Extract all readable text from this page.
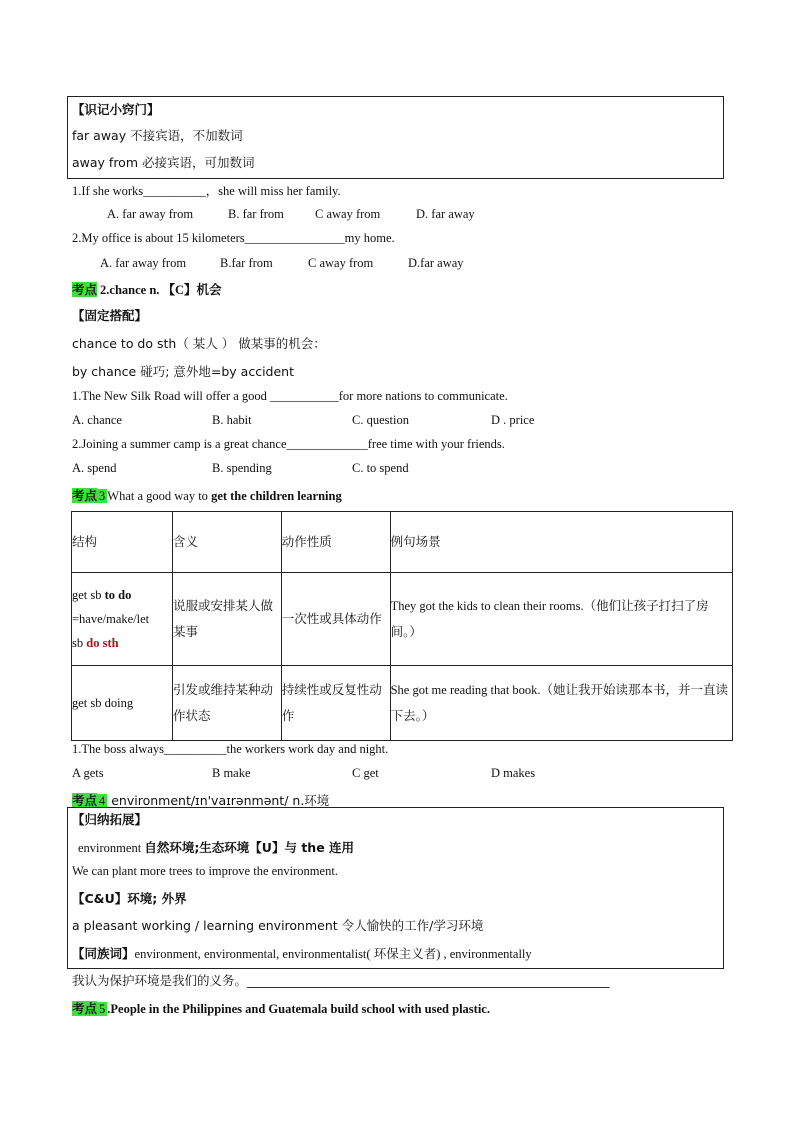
【识记小窍门】
far away 不接宾语，不加数词
away from 必接宾语，可加数词
1.If she works__________，she will miss her family.
A. far away from	B. far from C away from	D. far away
2.My office is about 15 kilometers________________my home.
A. far away from	B.far from	C away from	D.far away
考点 2.chance n. 【C】机会
【固定搭配】
chance to do sth（ 某人 ） 做某事的机会：
by chance 碰巧; 意外地=by accident
1.The New Silk Road will offer a good ___________for more nations to communicate.
A. chance	B. habit	C. question	D . price
2.Joining a summer camp is a great chance_____________free time with your friends.
A. spend	B. spending	C. to spend
考点 3 What a good way to get the children learning
结构	含义	动作性质	例句场景
get sb to do
=have/make/let
sb do sth	说服或安排某人做某事	一次性或具体动作	They got the kids to clean their rooms.（他们让孩子打扫了房间。）
get sb doing	引发或维持某种动作状态	持续性或反复性动作	She got me reading that book.（她让我开始读那本书，并一直读下去。）
1.The boss always__________the workers work day and night.
A gets	B make	C get	D makes
考点 4 environment/ɪn'vaɪrənmənt/ n.环境
【归纳拓展】
environment 自然环境;生态环境【U】与 the 连用
We can plant more trees to improve the environment.
【C&U】环境; 外界
a pleasant working / learning environment 令人愉快的工作/学习环境
【同族词】environment, environmental, environmentalist( 环保主义者) , environmentally
我认为保护环境是我们的义务。__________________________________________________________
考点 5 .People in the Philippines and Guatemala build school with used plastic.
